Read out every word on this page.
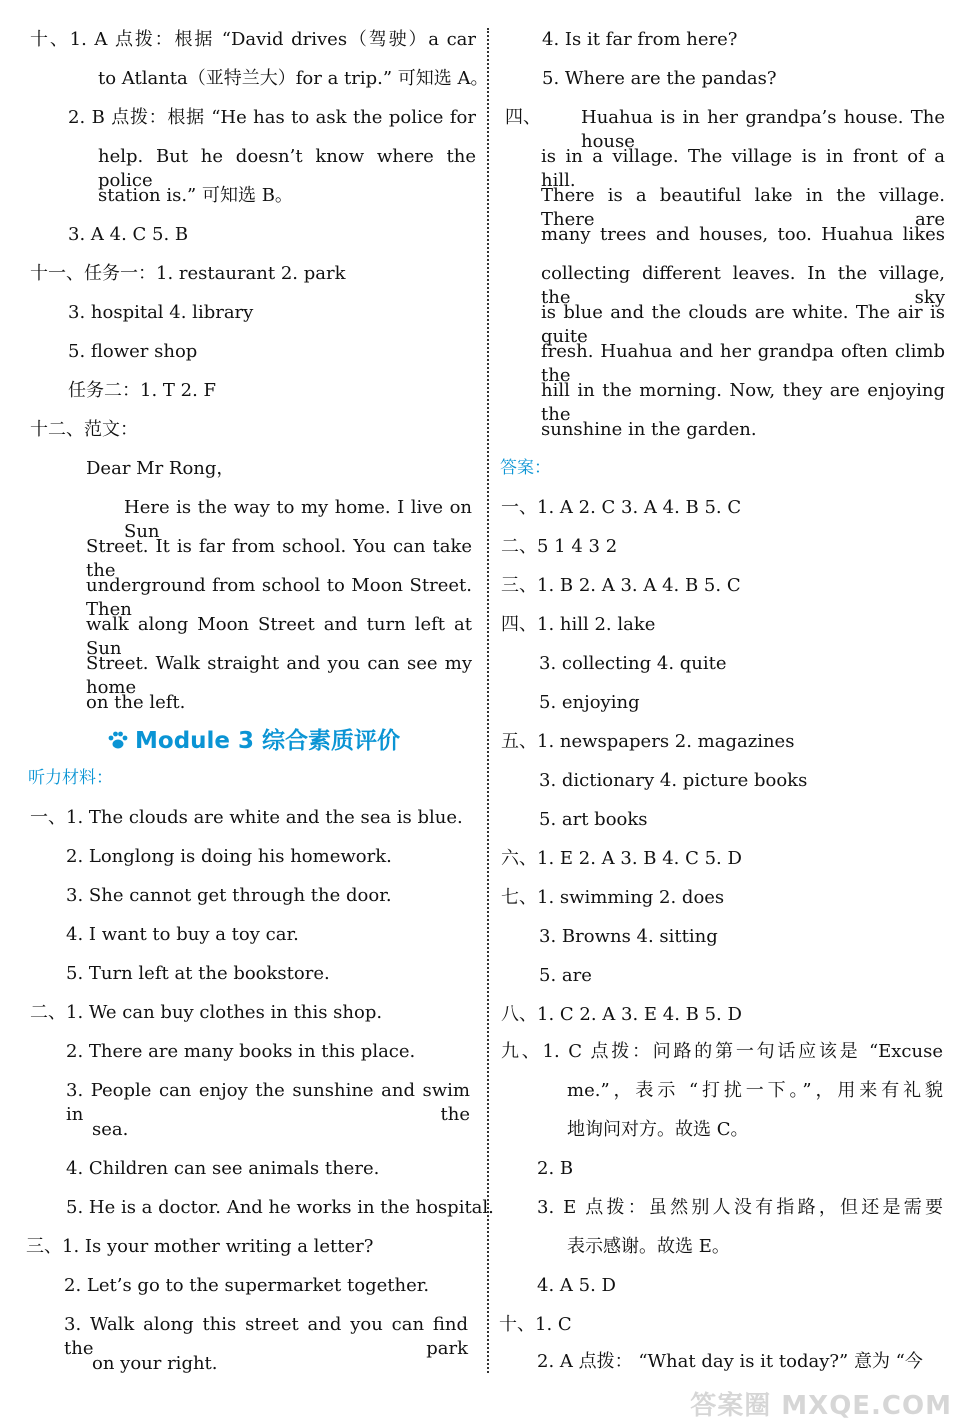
十、1. A 点拨：根据 “David drives（驾驶）a car
to Atlanta（亚特兰大）for a trip.” 可知选 A。
2. B 点拨：根据 “He has to ask the police for
help. But he doesn’t know where the police
station is.” 可知选 B。
3. A 4. C 5. B
十一、任务一：1. restaurant 2. park
3. hospital 4. library
5. flower shop
任务二：1. T 2. F
十二、范文：
Dear Mr Rong，
Here is the way to my home. I live on Sun
Street. It is far from school. You can take the
underground from school to Moon Street. Then
walk along Moon Street and turn left at Sun
Street. Walk straight and you can see my home
on the left.
一、1. The clouds are white and the sea is blue.
2. Longlong is doing his homework.
3. She cannot get through the door.
4. I want to buy a toy car.
5. Turn left at the bookstore.
二、1. We can buy clothes in this shop.
2. There are many books in this place.
3. People can enjoy the sunshine and swim in the
sea.
4. Children can see animals there.
5. He is a doctor. And he works in the hospital.
三、1. Is your mother writing a letter?
2. Let’s go to the supermarket together.
3. Walk along this street and you can find the park
on your right.
4. Is it far from here?
5. Where are the pandas?
四、 Huahua is in her grandpa’s house. The house
is in a village. The village is in front of a hill.
There is a beautiful lake in the village. There are
many trees and houses, too. Huahua likes
collecting different leaves. In the village, the sky
is blue and the clouds are white. The air is quite
fresh. Huahua and her grandpa often climb the
hill in the morning. Now, they are enjoying the
sunshine in the garden.
一、1. A 2. C 3. A 4. B 5. C
二、5 1 4 3 2
三、1. B 2. A 3. A 4. B 5. C
四、1. hill 2. lake
3. collecting 4. quite
5. enjoying
五、1. newspapers 2. magazines
3. dictionary 4. picture books
5. art books
六、1. E 2. A 3. B 4. C 5. D
七、1. swimming 2. does
3. Browns 4. sitting
5. are
八、1. C 2. A 3. E 4. B 5. D
九、1. C 点拨：问路的第一句话应该是 “Excuse
me.”，表示 “打扰一下。”，用来有礼貌
地询问对方。故选 C。
2. B
3. E 点拨：虽然别人没有指路，但还是需要
表示感谢。故选 E。
4. A 5. D
十、1. C
2. A 点拨： “What day is it today?” 意为 “今
Module 3 综合素质评价
听力材料：
答案：
答案圈 MXQE.COM
